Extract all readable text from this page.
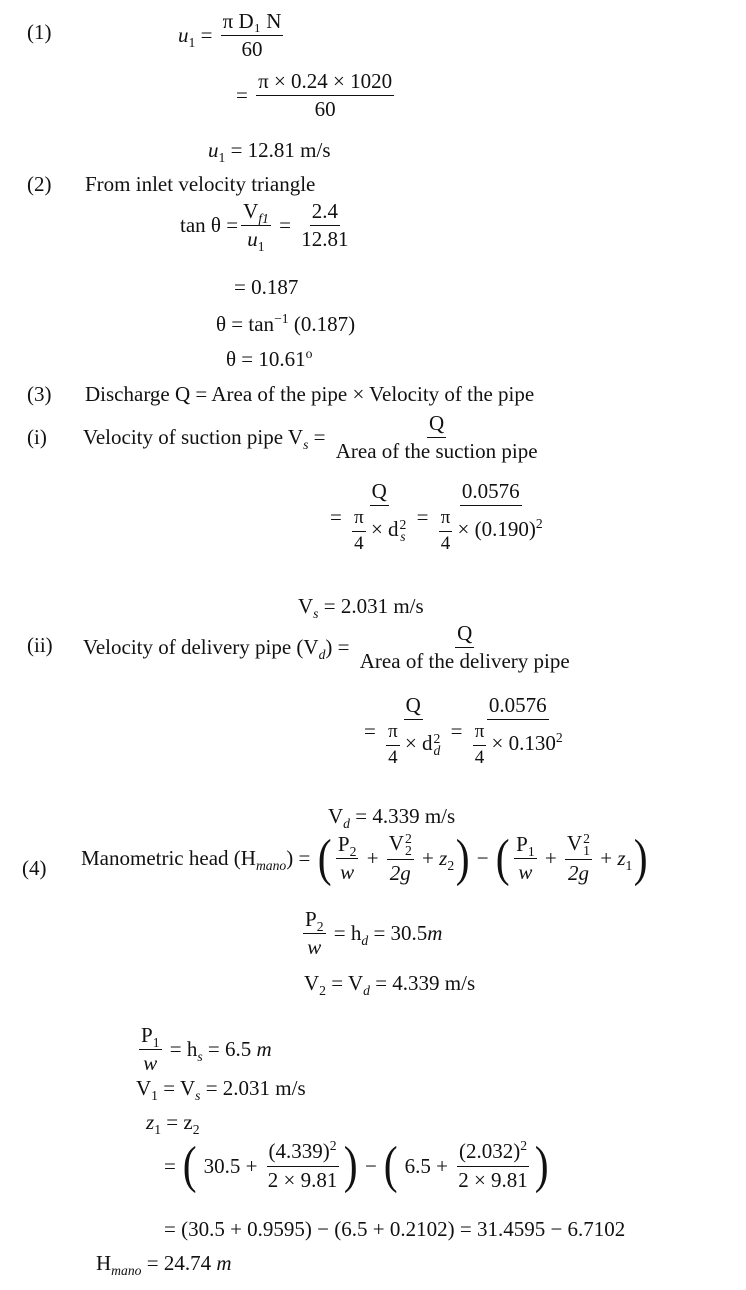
(1)	$u_1 = \frac{\text{π D₁ N}}{60}$
= $\frac{\pi \times 0.24 \times 1020}{60}$
$u_1 = 12.81$ m/s
(2) From inlet velocity triangle
$\tan \theta = \frac{V_{f1}}{u_1} = \frac{2.4}{12.81}$
= 0.187
$\theta = \tan^{-1} (0.187)$
$\theta = 10.61^o$
(3) Discharge Q = Area of the pipe × Velocity of the pipe
(i) Velocity of suction pipe $V_s = \frac{Q}{\text{Area of the suction pipe}}$
= Q
$\frac{\pi}{4} \times d$ 2
$s = \frac{0.0576}{\frac{\pi}{4} \times (0.190)^2}$
$V_s = 2.031$ m/s
(ii) Velocity of delivery pipe $(V_d) = \frac{Q}{\text{Area of the delivery pipe}}$
= Q
$\frac{\pi}{4} \times d$ 2
$d = \frac{0.0576}{\frac{\pi}{4} \times 0.130^2}$
$V_d = 4.339$ m/s
(4) Manometric head $(H_{mano})$ = ( $\frac{P_2}{w} + V$ 2
2
$2g + z_2$ ) − ( $\frac{P_1}{w} + V$ 2
1
$2g + z_1$ )
$\frac{P_2}{w} = h_d = 30.5m$
$V_2 = V_d = 4.339$ m/s
$\frac{P_1}{w} = h_s = 6.5$ m
$V_1 = V_s = 2.031$ m/s
$z_1 = z_2$
= ( $30.5 + \frac{(4.339)^2}{2 \times 9.81}$ ) − ( $6.5 + \frac{(2.032)^2}{2 \times 9.81}$ )
= (30.5 + 0.9595) − (6.5 + 0.2102) = 31.4595 − 6.7102
$H_{mano} = 24.74$ m
